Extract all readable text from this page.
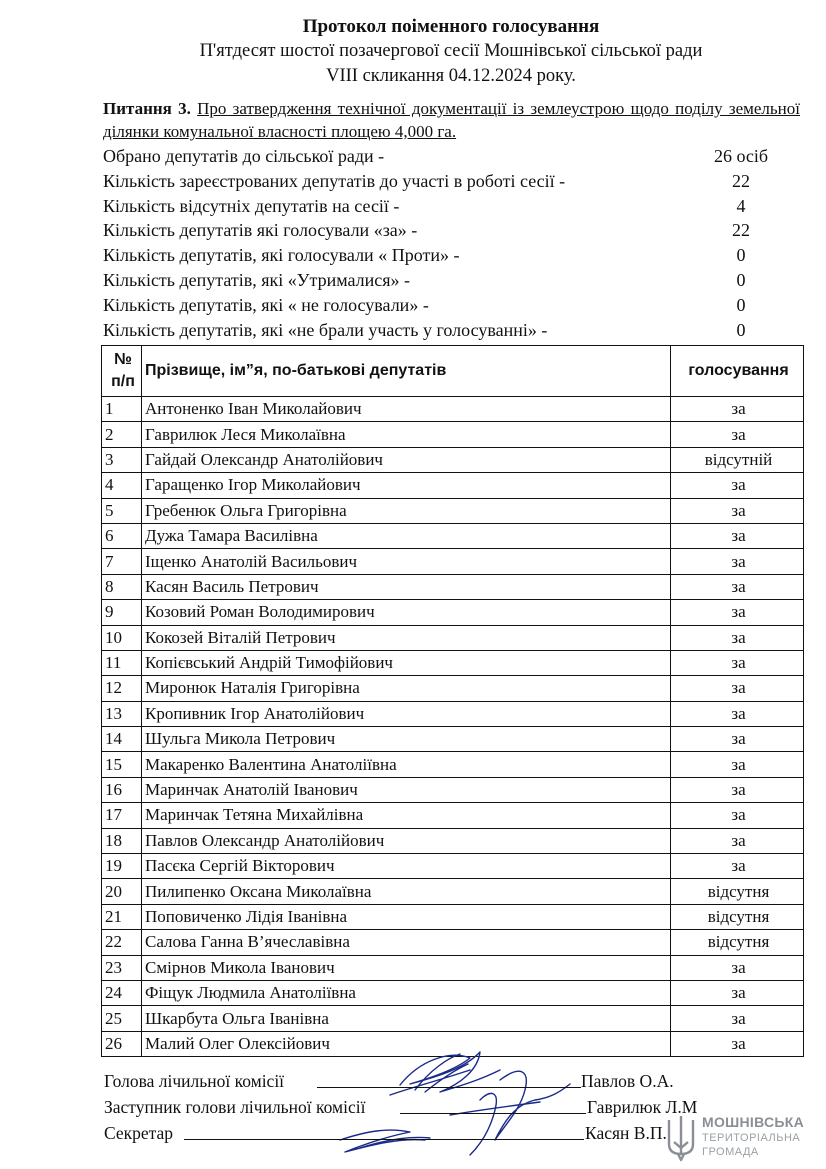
Протокол поіменного голосування
П'ятдесят шостої позачергової сесії Мошнівської сільської ради
VIII скликання 04.12.2024 року.
Питання 3. Про затвердження технічної документації із землеустрою щодо поділу земельної ділянки комунальної власності площею 4,000 га.
Обрано депутатів до сільської ради -	26 осіб
Кількість зареєстрованих депутатів до участі в роботі сесії -	22
Кількість відсутніх депутатів на сесії -	4
Кількість депутатів які голосували «за» -	22
Кількість депутатів, які голосували « Проти» -	0
Кількість депутатів, які «Утрималися» -	0
Кількість депутатів, які « не голосували» -	0
Кількість депутатів, які «не брали участь у голосуванні» -	0
№
п/п	Прізвище, ім”я, по-батькові депутатів	голосування
1	Антоненко Іван Миколайович	за
2	Гаврилюк Леся Миколаївна	за
3	Гайдай Олександр Анатолійович	відсутній
4	Гаращенко Ігор Миколайович	за
5	Гребенюк Ольга Григорівна	за
6	Дужа Тамара Василівна	за
7	Іщенко Анатолій Васильович	за
8	Касян Василь Петрович	за
9	Козовий Роман Володимирович	за
10	Кокозей Віталій Петрович	за
11	Копієвський Андрій Тимофійович	за
12	Миронюк Наталія Григорівна	за
13	Кропивник Ігор Анатолійович	за
14	Шульга Микола Петрович	за
15	Макаренко Валентина Анатоліївна	за
16	Маринчак Анатолій Іванович	за
17	Маринчак Тетяна Михайлівна	за
18	Павлов Олександр Анатолійович	за
19	Пасєка Сергій Вікторович	за
20	Пилипенко Оксана Миколаївна	відсутня
21	Поповиченко Лідія Іванівна	відсутня
22	Салова Ганна В’ячеславівна	відсутня
23	Смірнов Микола Іванович	за
24	Фіщук Людмила Анатоліївна	за
25	Шкарбута Ольга Іванівна	за
26	Малий Олег Олексійович	за
Голова лічильної комісії	Павлов О.А.
Заступник голови лічильної комісії	Гаврилюк Л.М
Секретар	Касян В.П.
МОШНІВСЬКА
ТЕРИТОРІАЛЬНА
ГРОМАДА
